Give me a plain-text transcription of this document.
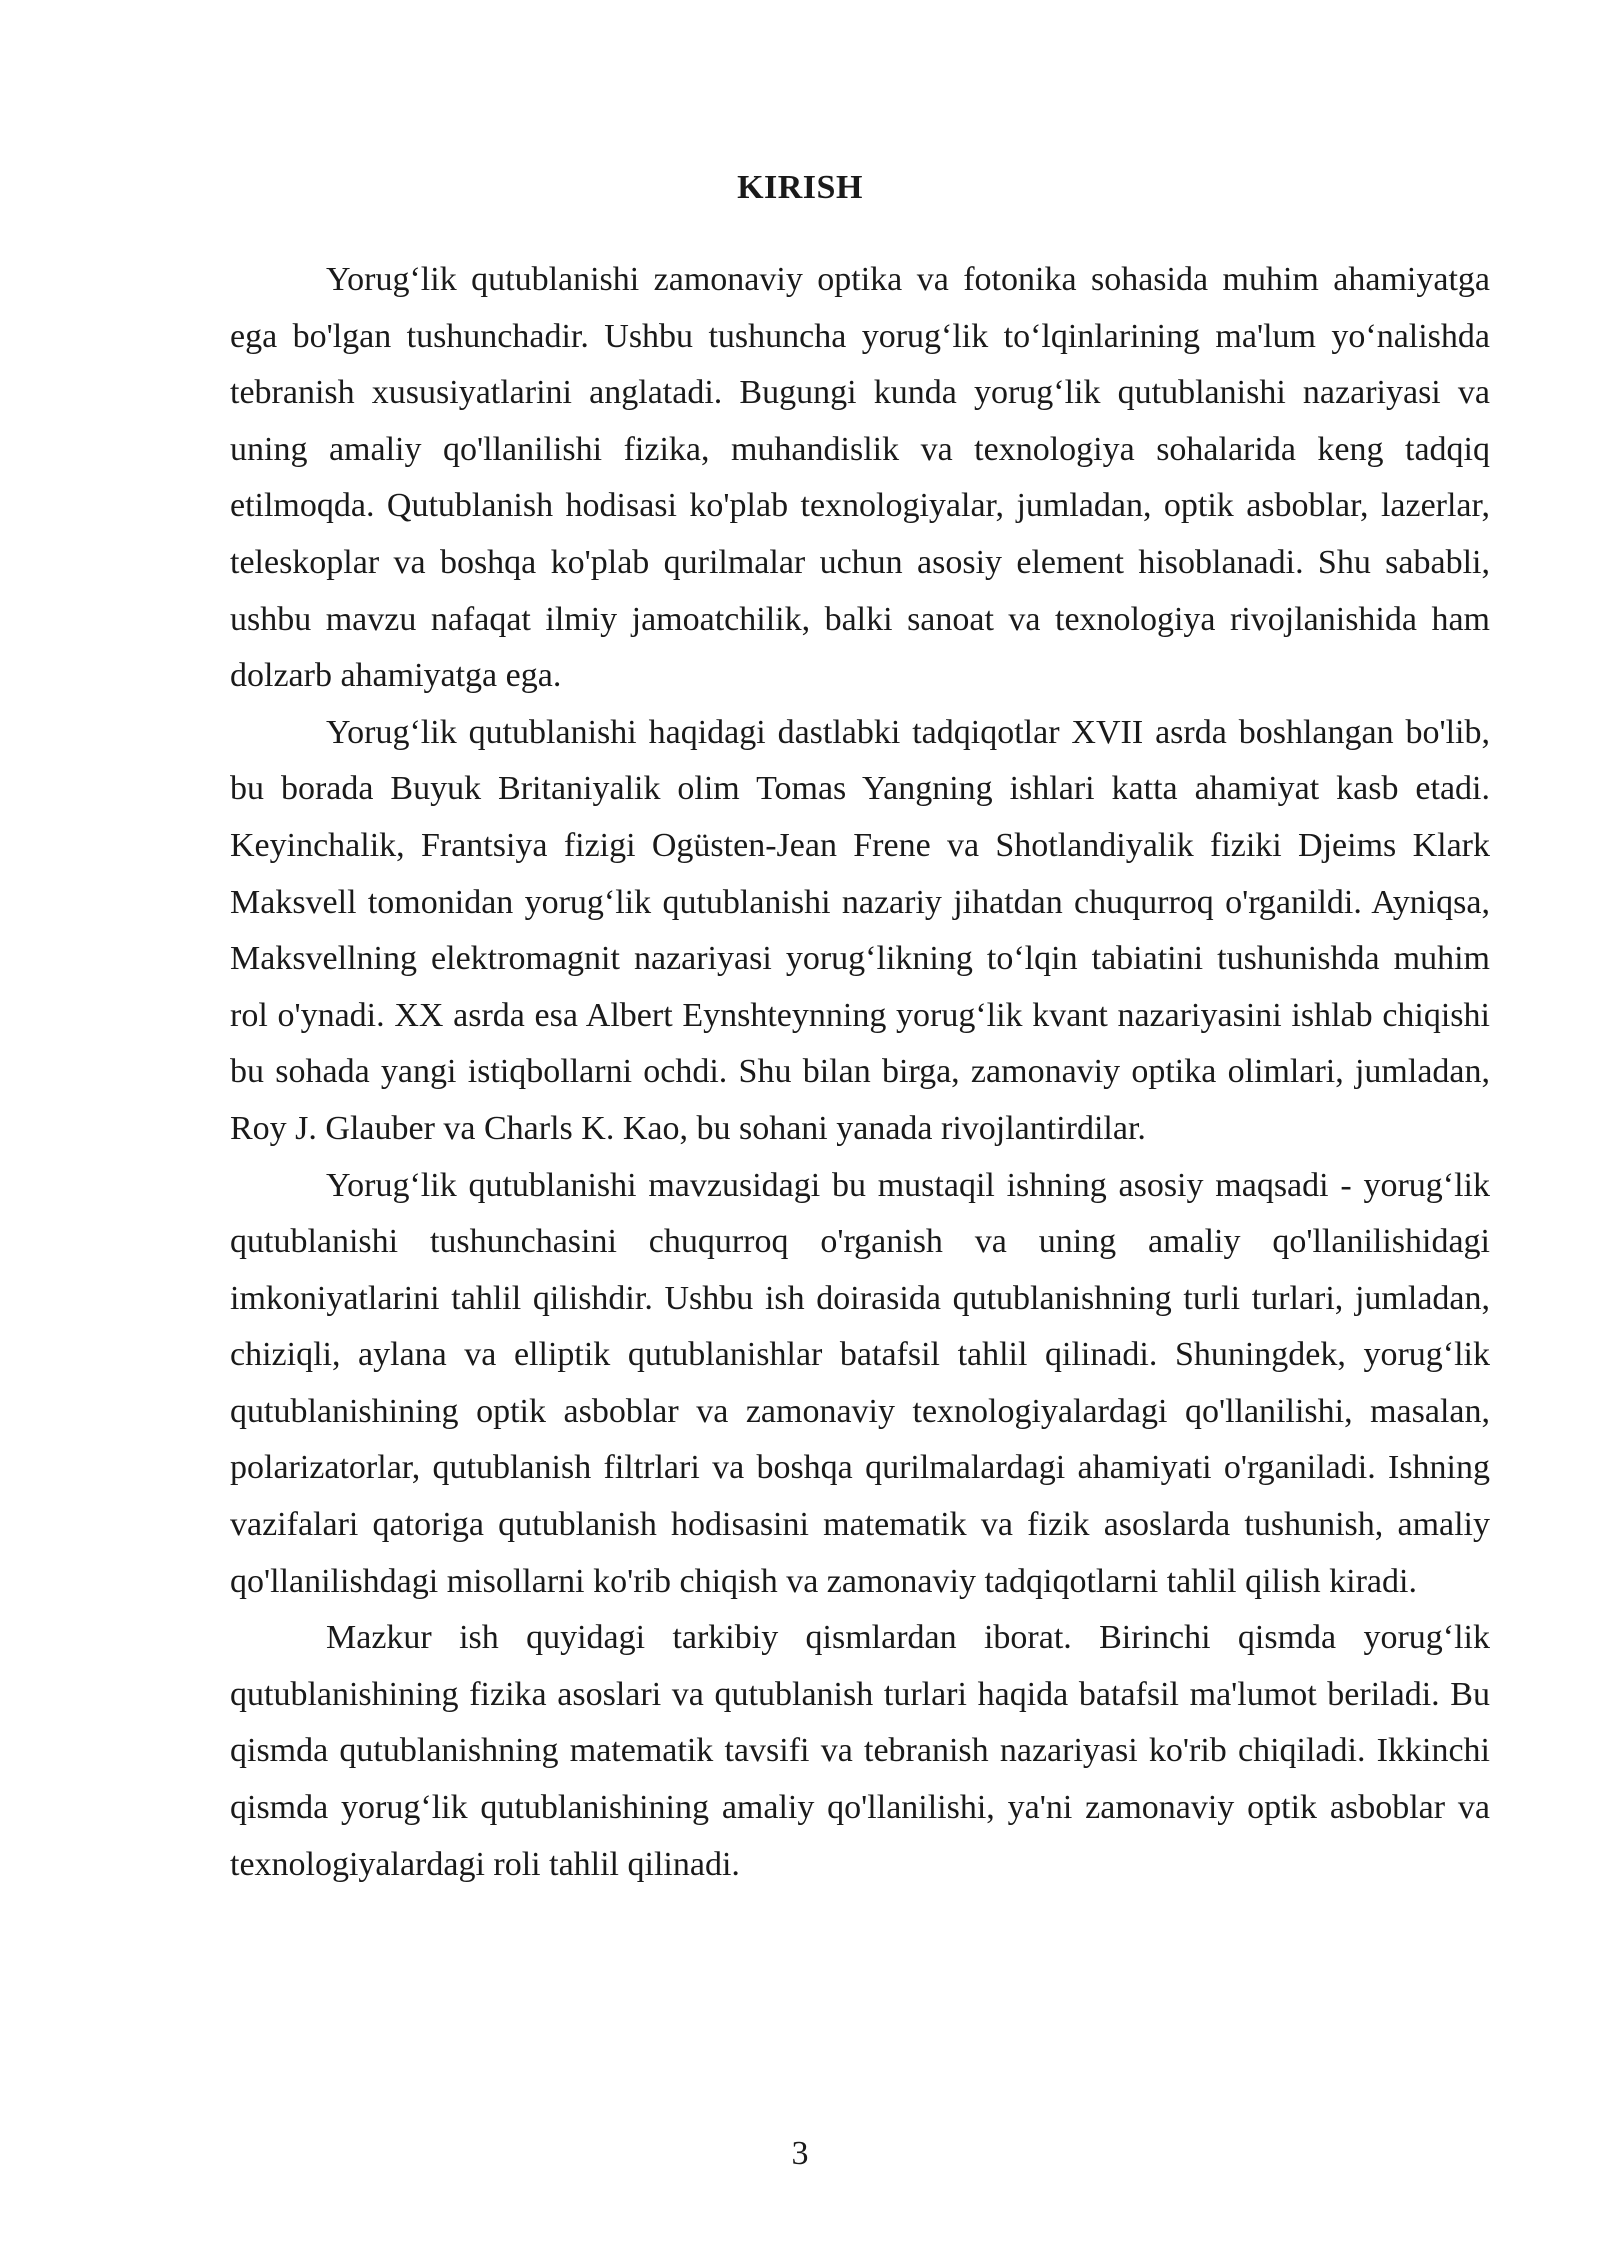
KIRISH

Yorug‘lik qutublanishi zamonaviy optika va fotonika sohasida muhim ahamiyatga ega bo'lgan tushunchadir. Ushbu tushuncha yorug‘lik to‘lqinlarining ma'lum yo‘nalishda tebranish xususiyatlarini anglatadi. Bugungi kunda yorug‘lik qutublanishi nazariyasi va uning amaliy qo'llanilishi fizika, muhandislik va texnologiya sohalarida keng tadqiq etilmoqda. Qutublanish hodisasi ko'plab texnologiyalar, jumladan, optik asboblar, lazerlar, teleskoplar va boshqa ko'plab qurilmalar uchun asosiy element hisoblanadi. Shu sababli, ushbu mavzu nafaqat ilmiy jamoatchilik, balki sanoat va texnologiya rivojlanishida ham dolzarb ahamiyatga ega.

Yorug‘lik qutublanishi haqidagi dastlabki tadqiqotlar XVII asrda boshlangan bo'lib, bu borada Buyuk Britaniyalik olim Tomas Yangning ishlari katta ahamiyat kasb etadi. Keyinchalik, Frantsiya fizigi Ogüsten-Jean Frene va Shotlandiyalik fiziki Djeims Klark Maksvell tomonidan yorug‘lik qutublanishi nazariy jihatdan chuqurroq o'rganildi. Ayniqsa, Maksvellning elektromagnit nazariyasi yorug‘likning to‘lqin tabiatini tushunishda muhim rol o'ynadi. XX asrda esa Albert Eynshteynning yorug‘lik kvant nazariyasini ishlab chiqishi bu sohada yangi istiqbollarni ochdi. Shu bilan birga, zamonaviy optika olimlari, jumladan, Roy J. Glauber va Charls K. Kao, bu sohani yanada rivojlantirdilar.

Yorug‘lik qutublanishi mavzusidagi bu mustaqil ishning asosiy maqsadi - yorug‘lik qutublanishi tushunchasini chuqurroq o'rganish va uning amaliy qo'llanilishidagi imkoniyatlarini tahlil qilishdir. Ushbu ish doirasida qutublanishning turli turlari, jumladan, chiziqli, aylana va elliptik qutublanishlar batafsil tahlil qilinadi. Shuningdek, yorug‘lik qutublanishining optik asboblar va zamonaviy texnologiyalardagi qo'llanilishi, masalan, polarizatorlar, qutublanish filtrlari va boshqa qurilmalardagi ahamiyati o'rganiladi. Ishning vazifalari qatoriga qutublanish hodisasini matematik va fizik asoslarda tushunish, amaliy qo'llanilishdagi misollarni ko'rib chiqish va zamonaviy tadqiqotlarni tahlil qilish kiradi.

Mazkur ish quyidagi tarkibiy qismlardan iborat. Birinchi qismda yorug‘lik qutublanishining fizika asoslari va qutublanish turlari haqida batafsil ma'lumot beriladi. Bu qismda qutublanishning matematik tavsifi va tebranish nazariyasi ko'rib chiqiladi. Ikkinchi qismda yorug‘lik qutublanishining amaliy qo'llanilishi, ya'ni zamonaviy optik asboblar va texnologiyalardagi roli tahlil qilinadi.

3
